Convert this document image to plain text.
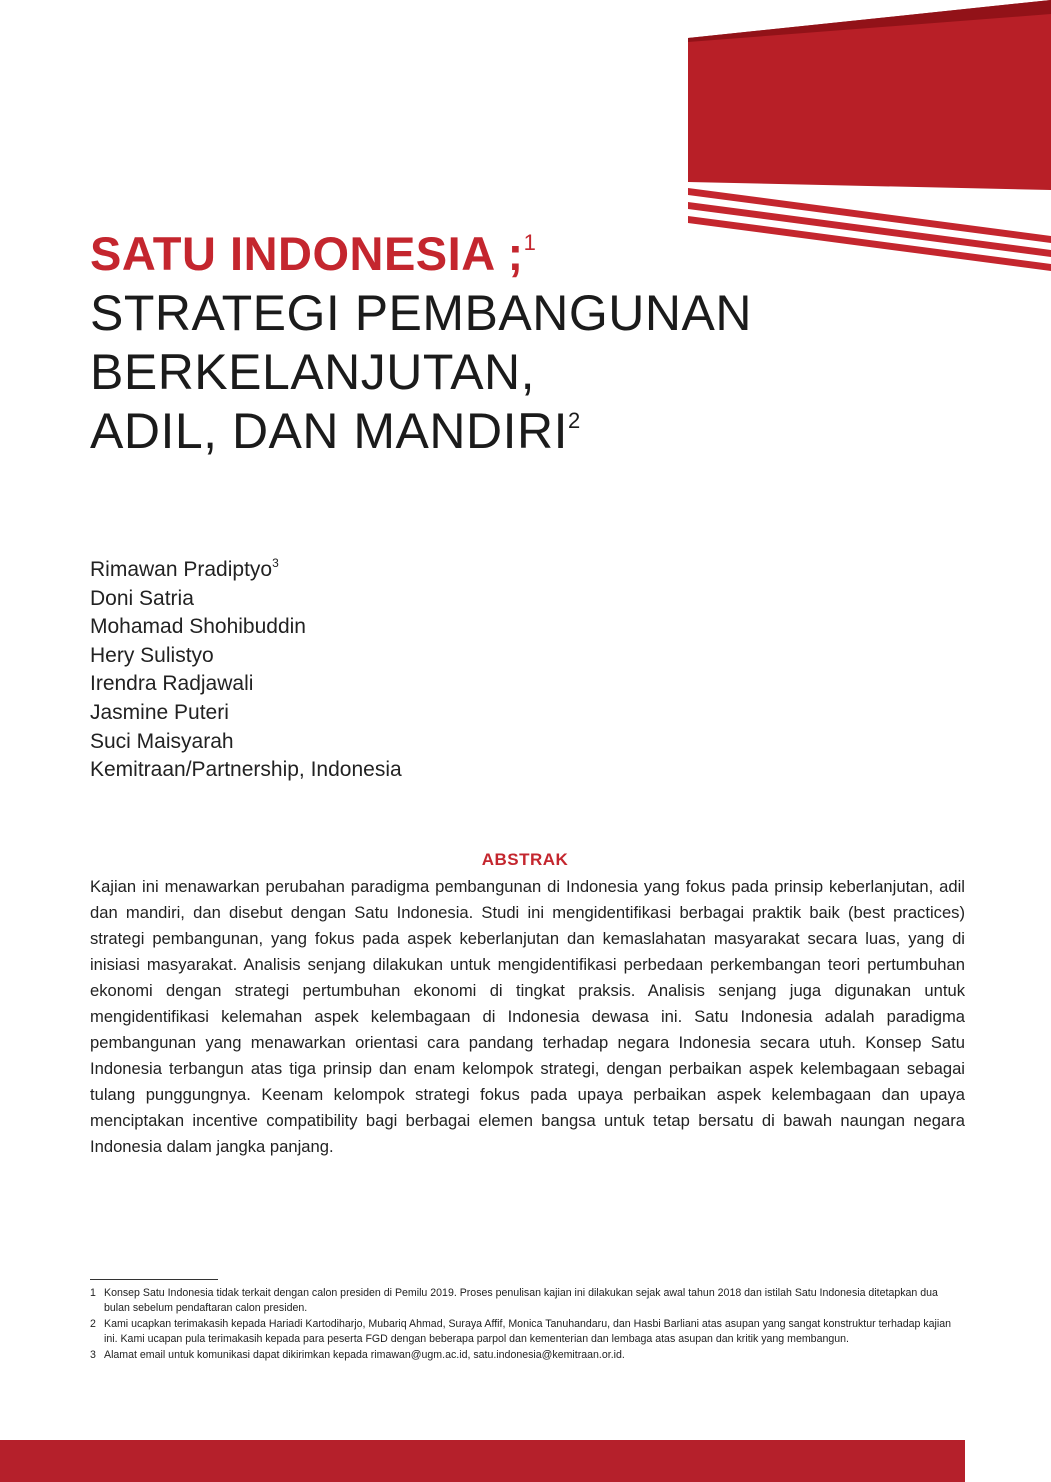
SATU INDONESIA ;$^1$
STRATEGI PEMBANGUNAN
BERKELANJUTAN,
ADIL, DAN MANDIRI$^2$
Rimawan Pradiptyo$^3$
Doni Satria
Mohamad Shohibuddin
Hery Sulistyo
Irendra Radjawali
Jasmine Puteri
Suci Maisyarah
Kemitraan/Partnership, Indonesia
ABSTRAK
Kajian ini menawarkan perubahan paradigma pembangunan di Indonesia yang fokus pada prinsip keberlanjutan, adil dan mandiri, dan disebut dengan Satu Indonesia. Studi ini mengidentifikasi berbagai praktik baik (best practices) strategi pembangunan, yang fokus pada aspek keberlanjutan dan kemaslahatan masyarakat secara luas, yang di inisiasi masyarakat. Analisis senjang dilakukan untuk mengidentifikasi perbedaan perkembangan teori pertumbuhan ekonomi dengan strategi pertumbuhan ekonomi di tingkat praksis. Analisis senjang juga digunakan untuk mengidentifikasi kelemahan aspek kelembagaan di Indonesia dewasa ini. Satu Indonesia adalah paradigma pembangunan yang menawarkan orientasi cara pandang terhadap negara Indonesia secara utuh. Konsep Satu Indonesia terbangun atas tiga prinsip dan enam kelompok strategi, dengan perbaikan aspek kelembagaan sebagai tulang punggungnya. Keenam kelompok strategi fokus pada upaya perbaikan aspek kelembagaan dan upaya menciptakan incentive compatibility bagi berbagai elemen bangsa untuk tetap bersatu di bawah naungan negara Indonesia dalam jangka panjang.
1 Konsep Satu Indonesia tidak terkait dengan calon presiden di Pemilu 2019. Proses penulisan kajian ini dilakukan sejak awal tahun 2018 dan istilah Satu Indonesia ditetapkan dua bulan sebelum pendaftaran calon presiden.
2 Kami ucapkan terimakasih kepada Hariadi Kartodiharjo, Mubariq Ahmad, Suraya Affif, Monica Tanuhandaru, dan Hasbi Barliani atas asupan yang sangat konstruktur terhadap kajian ini. Kami ucapan pula terimakasih kepada para peserta FGD dengan beberapa parpol dan kementerian dan lembaga atas asupan dan kritik yang membangun.
3 Alamat email untuk komunikasi dapat dikirimkan kepada rimawan@ugm.ac.id, satu.indonesia@kemitraan.or.id.
